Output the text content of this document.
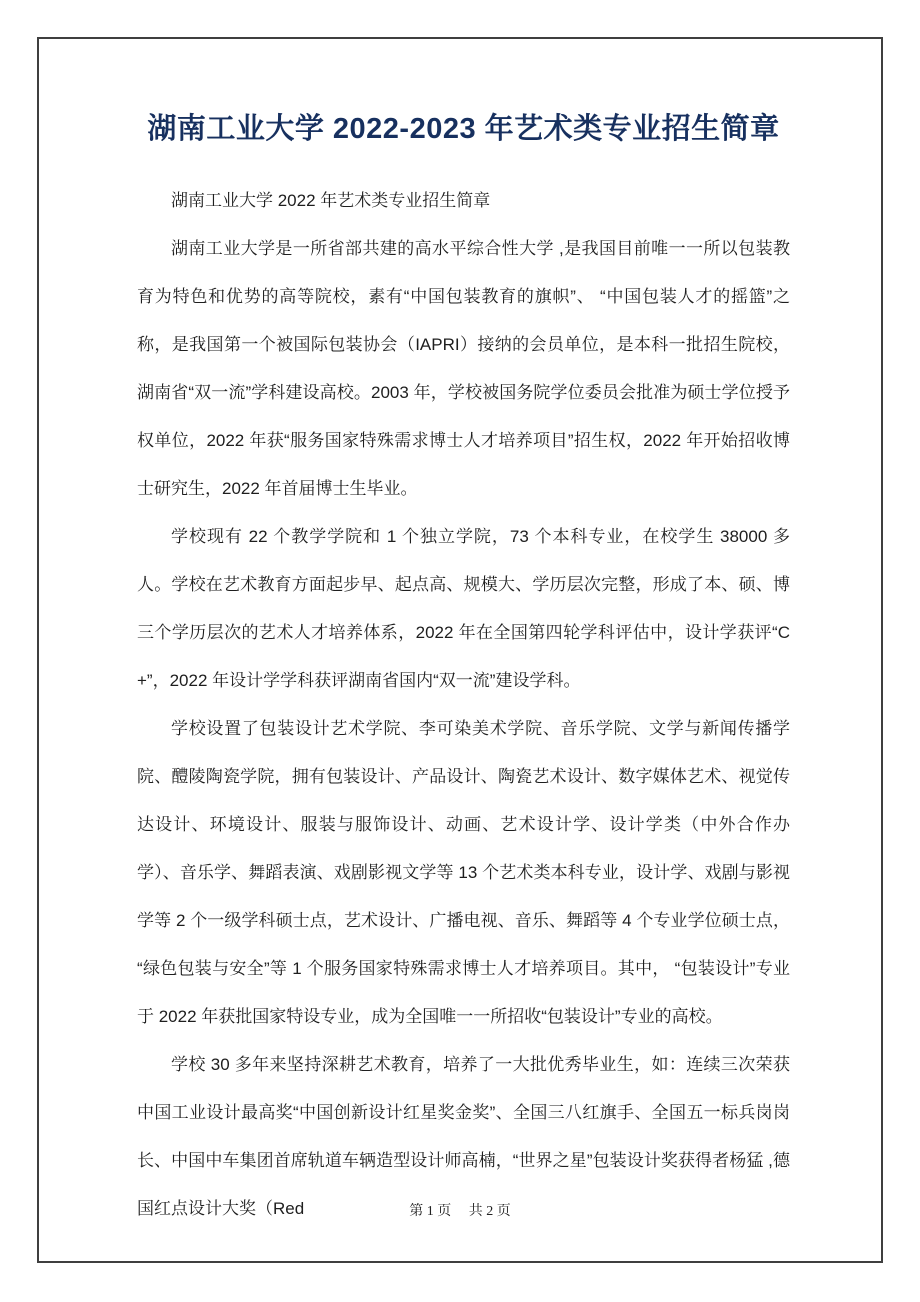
湖南工业大学 2022-2023 年艺术类专业招生简章

湖南工业大学 2022 年艺术类专业招生简章

湖南工业大学是一所省部共建的高水平综合性大学 ,是我国目前唯一一所以包装教育为特色和优势的高等院校，素有“中国包装教育的旗帜”、 “中国包装人才的摇篮”之称，是我国第一个被国际包装协会（IAPRI）接纳的会员单位，是本科一批招生院校，湖南省“双一流”学科建设高校。2003 年，学校被国务院学位委员会批准为硕士学位授予权单位，2022 年获“服务国家特殊需求博士人才培养项目”招生权，2022 年开始招收博士研究生，2022 年首届博士生毕业。

学校现有 22 个教学学院和 1 个独立学院，73 个本科专业，在校学生 38000 多人。学校在艺术教育方面起步早、起点高、规模大、学历层次完整，形成了本、硕、博三个学历层次的艺术人才培养体系，2022 年在全国第四轮学科评估中，设计学获评“C+”，2022 年设计学学科获评湖南省国内“双一流”建设学科。

学校设置了包装设计艺术学院、李可染美术学院、音乐学院、文学与新闻传播学院、醴陵陶瓷学院，拥有包装设计、产品设计、陶瓷艺术设计、数字媒体艺术、视觉传达设计、环境设计、服装与服饰设计、动画、艺术设计学、设计学类（中外合作办学）、音乐学、舞蹈表演、戏剧影视文学等 13 个艺术类本科专业，设计学、戏剧与影视学等 2 个一级学科硕士点，艺术设计、广播电视、音乐、舞蹈等 4 个专业学位硕士点， “绿色包装与安全”等 1 个服务国家特殊需求博士人才培养项目。其中， “包装设计”专业于 2022 年获批国家特设专业，成为全国唯一一所招收“包装设计”专业的高校。

学校 30 多年来坚持深耕艺术教育，培养了一大批优秀毕业生，如：连续三次荣获中国工业设计最高奖“中国创新设计红星奖金奖”、全国三八红旗手、全国五一标兵岗岗长、中国中车集团首席轨道车辆造型设计师高楠，“世界之星”包装设计奖获得者杨猛 ,德国红点设计大奖（Red	第 1 页　 共 2 页
